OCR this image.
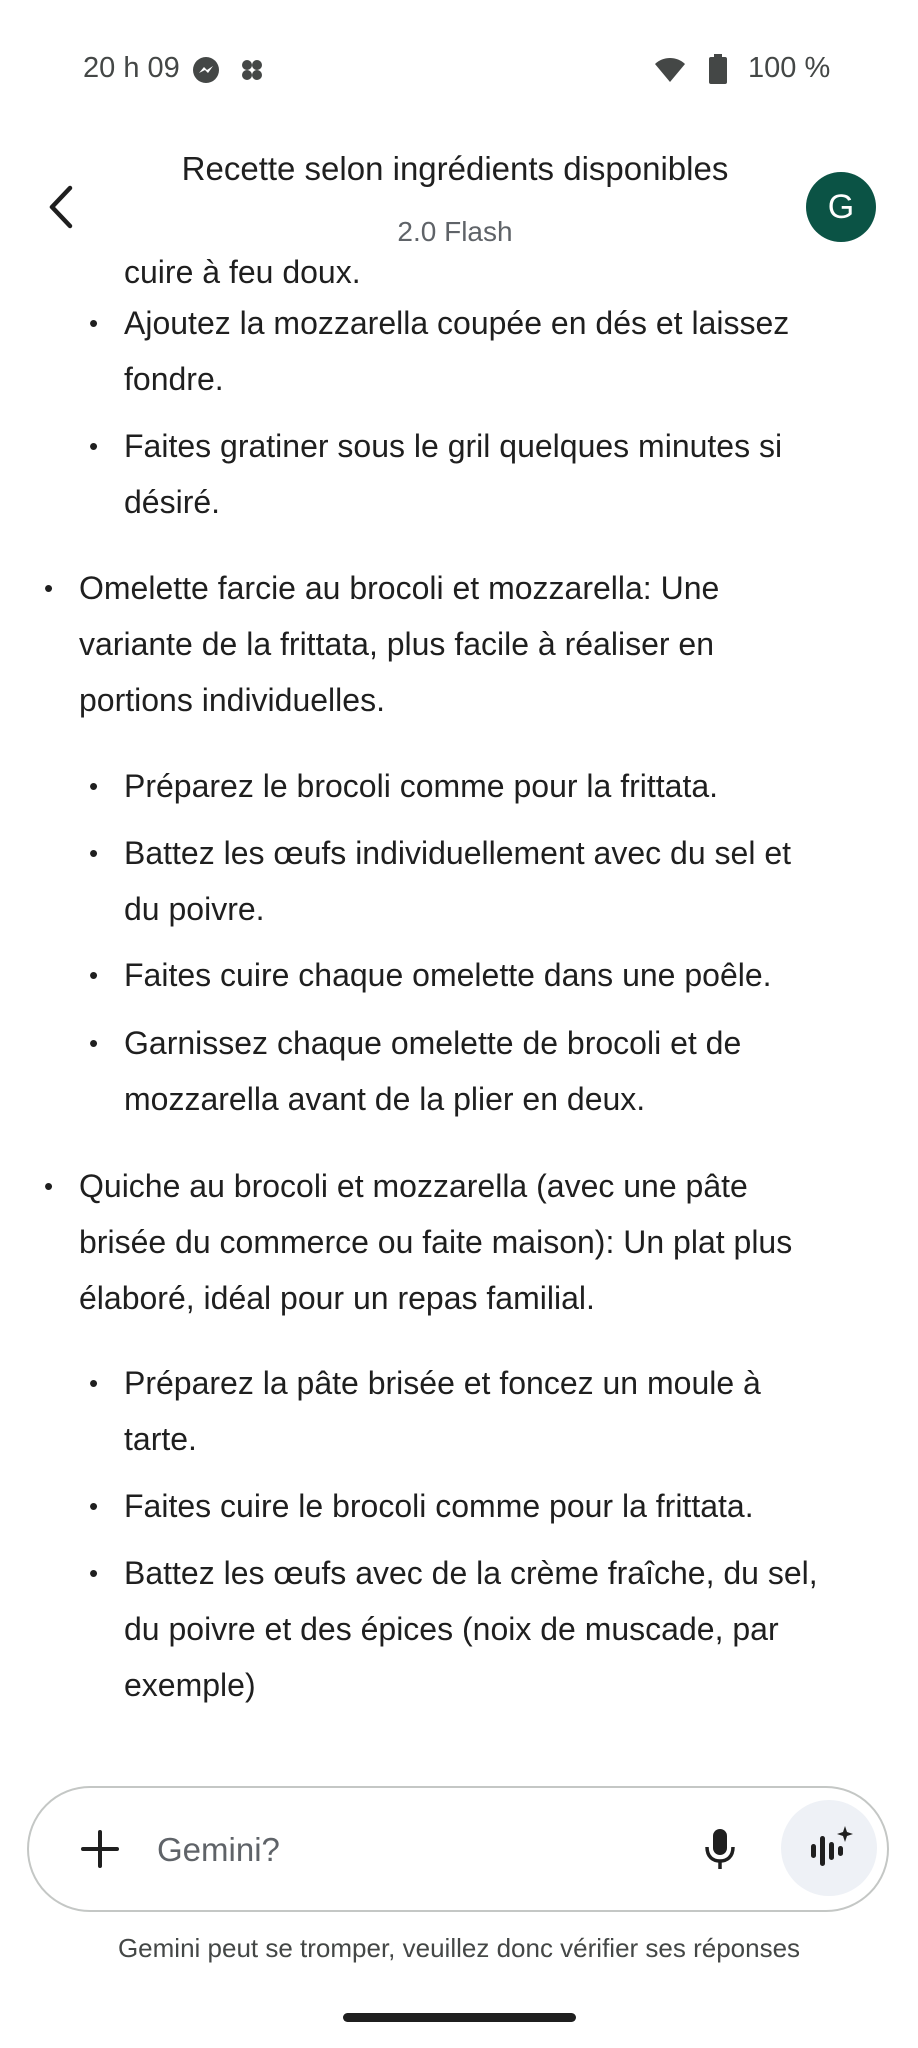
20 h 09	100 %
Recette selon ingrédients disponibles
2.0 Flash
G
cuire à feu doux.
• Ajoutez la mozzarella coupée en dés et laissez
fondre.
• Faites gratiner sous le gril quelques minutes si
désiré.
• Omelette farcie au brocoli et mozzarella: Une
variante de la frittata, plus facile à réaliser en
portions individuelles.
• Préparez le brocoli comme pour la frittata.
• Battez les œufs individuellement avec du sel et
du poivre.
• Faites cuire chaque omelette dans une poêle.
• Garnissez chaque omelette de brocoli et de
mozzarella avant de la plier en deux.
• Quiche au brocoli et mozzarella (avec une pâte
brisée du commerce ou faite maison): Un plat plus
élaboré, idéal pour un repas familial.
• Préparez la pâte brisée et foncez un moule à
tarte.
• Faites cuire le brocoli comme pour la frittata.
• Battez les œufs avec de la crème fraîche, du sel,
du poivre et des épices (noix de muscade, par
exemple)
Gemini?
Gemini peut se tromper, veuillez donc vérifier ses réponses
